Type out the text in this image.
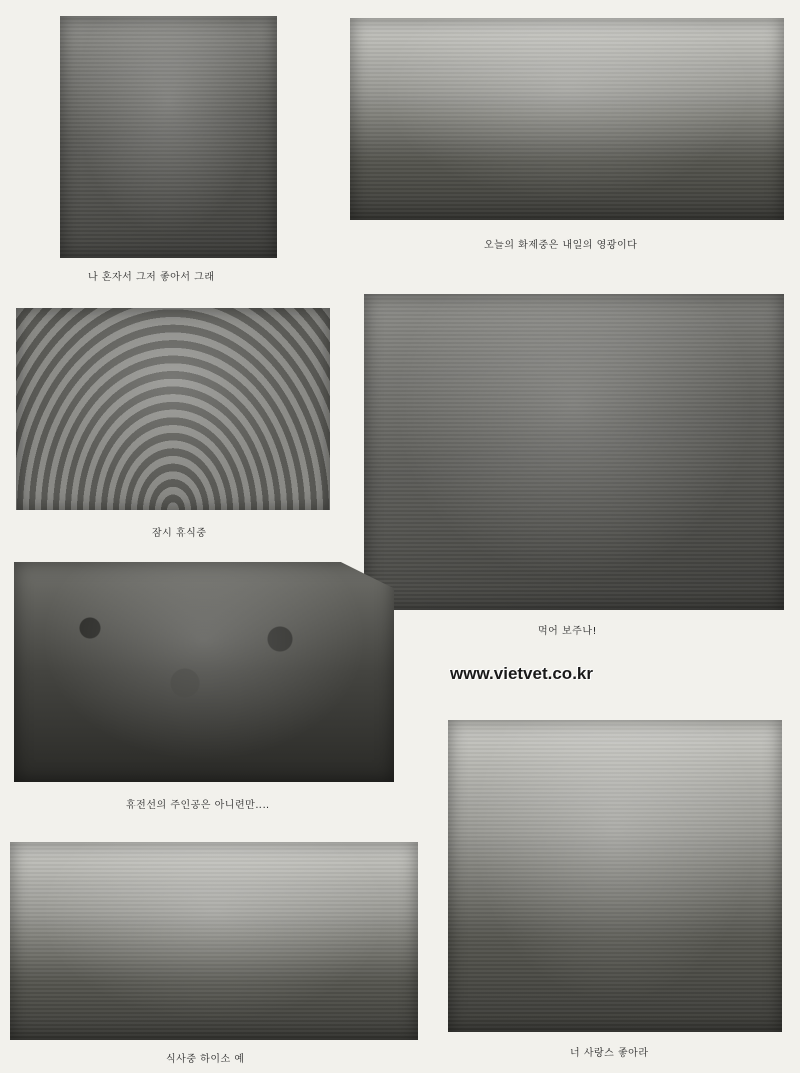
나 혼자서 그저 좋아서 그래
오늘의 화제중은 내일의 영광이다
잠시 휴식중
먹어 보주나!
www.vietvet.co.kr
휴전선의 주인공은 아니련만‥‥
식사중 하이소 예
너 사랑스 좋아라
